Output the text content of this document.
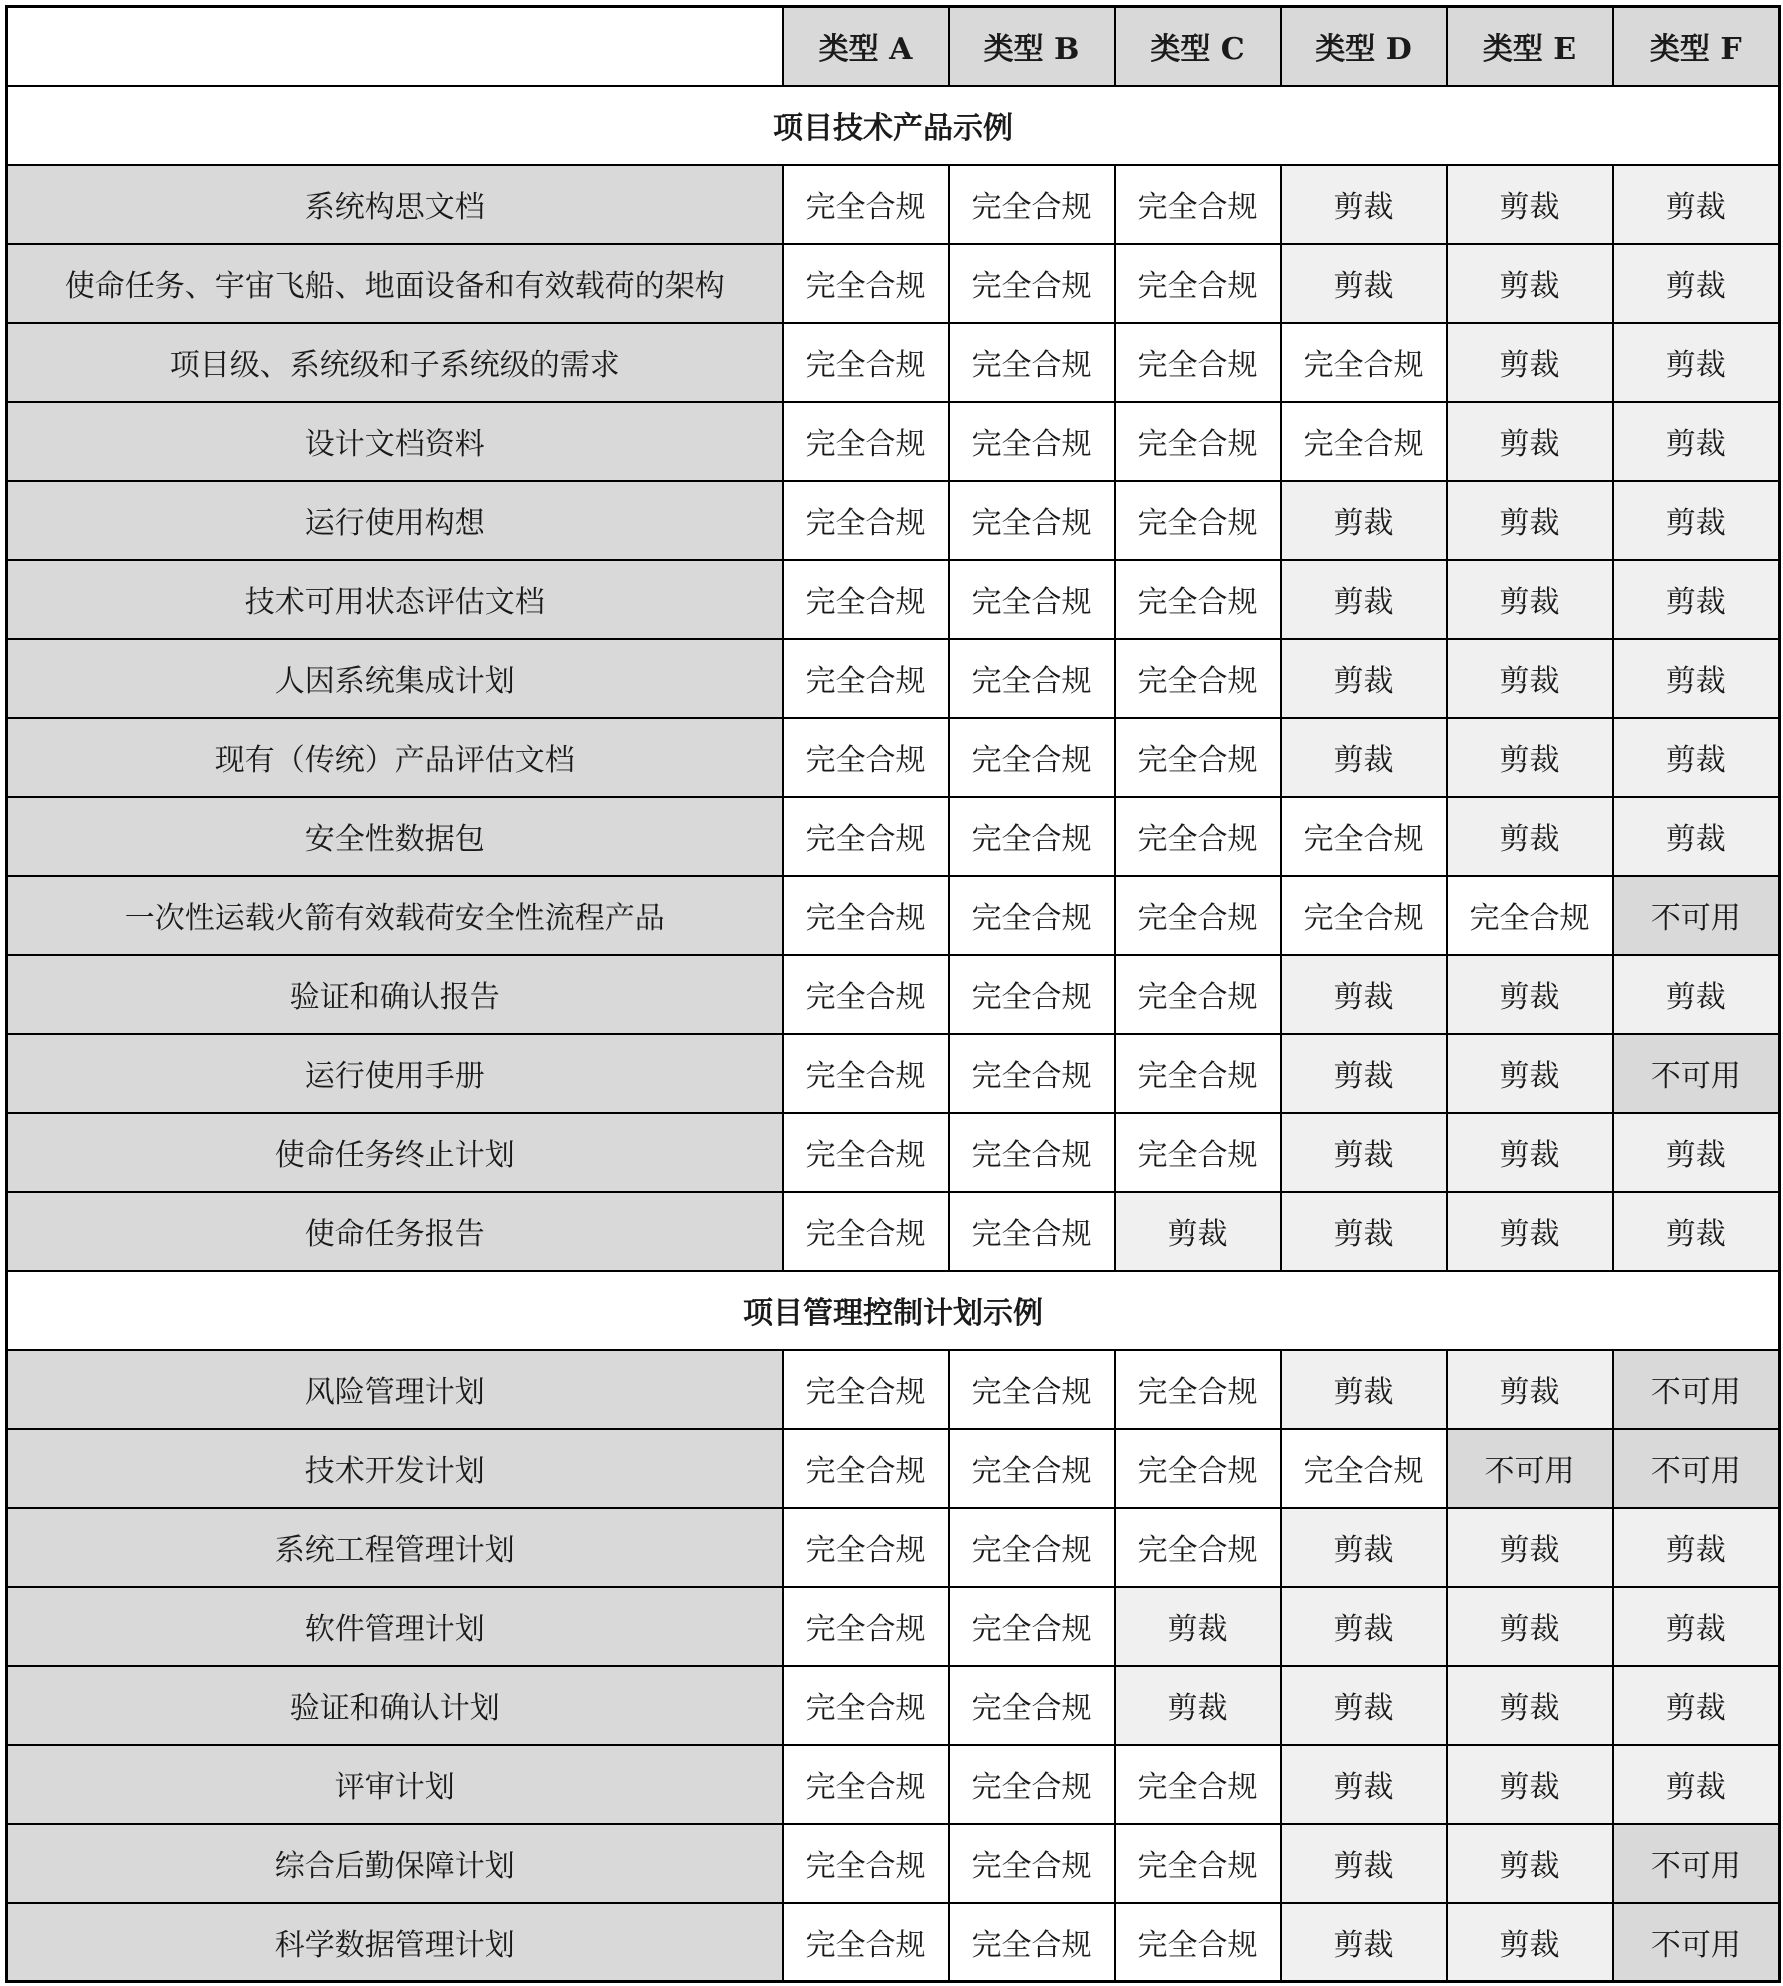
	类型 A	类型 B	类型 C	类型 D	类型 E	类型 F
项目技术产品示例						
系统构思文档	完全合规	完全合规	完全合规	剪裁	剪裁	剪裁
使命任务、宇宙飞船、地面设备和有效载荷的架构	完全合规	完全合规	完全合规	剪裁	剪裁	剪裁
项目级、系统级和子系统级的需求	完全合规	完全合规	完全合规	完全合规	剪裁	剪裁
设计文档资料	完全合规	完全合规	完全合规	完全合规	剪裁	剪裁
运行使用构想	完全合规	完全合规	完全合规	剪裁	剪裁	剪裁
技术可用状态评估文档	完全合规	完全合规	完全合规	剪裁	剪裁	剪裁
人因系统集成计划	完全合规	完全合规	完全合规	剪裁	剪裁	剪裁
现有（传统）产品评估文档	完全合规	完全合规	完全合规	剪裁	剪裁	剪裁
安全性数据包	完全合规	完全合规	完全合规	完全合规	剪裁	剪裁
一次性运载火箭有效载荷安全性流程产品	完全合规	完全合规	完全合规	完全合规	完全合规	不可用
验证和确认报告	完全合规	完全合规	完全合规	剪裁	剪裁	剪裁
运行使用手册	完全合规	完全合规	完全合规	剪裁	剪裁	不可用
使命任务终止计划	完全合规	完全合规	完全合规	剪裁	剪裁	剪裁
使命任务报告	完全合规	完全合规	剪裁	剪裁	剪裁	剪裁
项目管理控制计划示例						
风险管理计划	完全合规	完全合规	完全合规	剪裁	剪裁	不可用
技术开发计划	完全合规	完全合规	完全合规	完全合规	不可用	不可用
系统工程管理计划	完全合规	完全合规	完全合规	剪裁	剪裁	剪裁
软件管理计划	完全合规	完全合规	剪裁	剪裁	剪裁	剪裁
验证和确认计划	完全合规	完全合规	剪裁	剪裁	剪裁	剪裁
评审计划	完全合规	完全合规	完全合规	剪裁	剪裁	剪裁
综合后勤保障计划	完全合规	完全合规	完全合规	剪裁	剪裁	不可用
科学数据管理计划	完全合规	完全合规	完全合规	剪裁	剪裁	不可用
